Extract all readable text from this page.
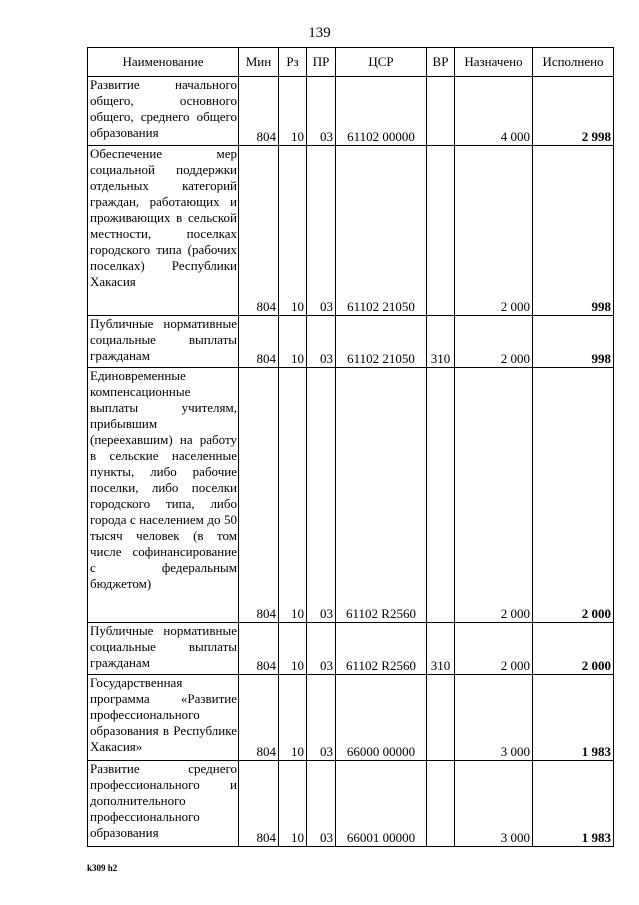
139
Наименование	Мин	Рз	ПР	ЦСР	ВР	Назначено	Исполнено
Развитие начального общего, основного общего, среднего общего образования	804	10	03	61102 00000		4 000	2 998
Обеспечение мер социальной поддержки отдельных категорий граждан, работающих и проживающих в сельской местности, поселках городского типа (рабочих поселках) Республики Хакасия	804	10	03	61102 21050		2 000	998
Публичные нормативные социальные выплаты гражданам	804	10	03	61102 21050	310	2 000	998
Единовременные компенсационные выплаты учителям, прибывшим (переехавшим) на работу в сельские населенные пункты, либо рабочие поселки, либо поселки городского типа, либо города с населением до 50 тысяч человек (в том числе софинансирование с федеральным бюджетом)	804	10	03	61102 R2560		2 000	2 000
Публичные нормативные социальные выплаты гражданам	804	10	03	61102 R2560	310	2 000	2 000
Государственная программа «Развитие профессионального образования в Республике Хакасия»	804	10	03	66000 00000		3 000	1 983
Развитие среднего профессионального и дополнительного профессионального образования	804	10	03	66001 00000		3 000	1 983
k309 h2
